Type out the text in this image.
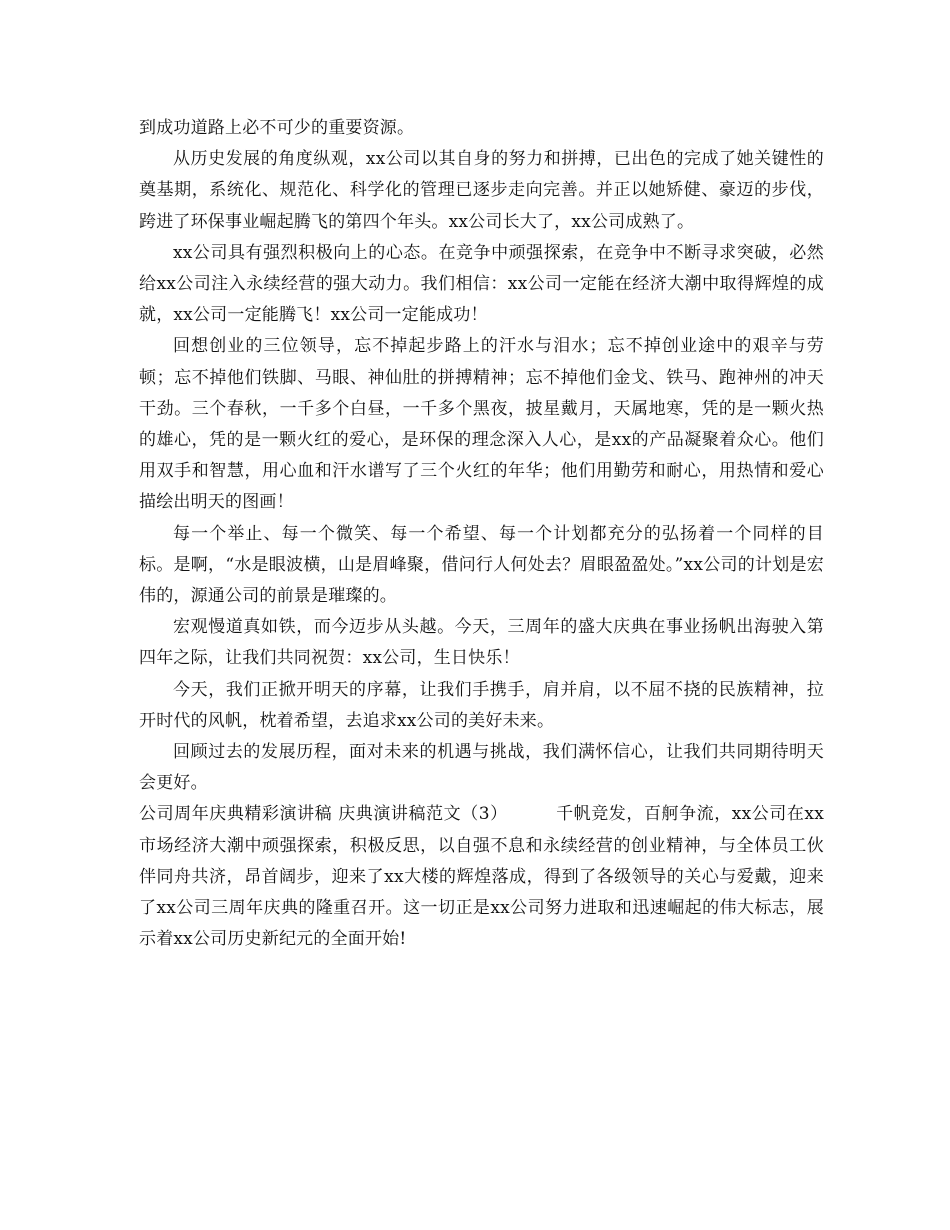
到成功道路上必不可少的重要资源。

从历史发展的角度纵观，xx公司以其自身的努力和拼搏，已出色的完成了她关键性的奠基期，系统化、规范化、科学化的管理已逐步走向完善。并正以她矫健、豪迈的步伐，跨进了环保事业崛起腾飞的第四个年头。xx公司长大了，xx公司成熟了。

xx公司具有强烈积极向上的心态。在竞争中顽强探索，在竞争中不断寻求突破，必然给xx公司注入永续经营的强大动力。我们相信：xx公司一定能在经济大潮中取得辉煌的成就，xx公司一定能腾飞！xx公司一定能成功！

回想创业的三位领导，忘不掉起步路上的汗水与泪水；忘不掉创业途中的艰辛与劳顿；忘不掉他们铁脚、马眼、神仙肚的拼搏精神；忘不掉他们金戈、铁马、跑神州的冲天干劲。三个春秋，一千多个白昼，一千多个黑夜，披星戴月，天属地寒，凭的是一颗火热的雄心，凭的是一颗火红的爱心，是环保的理念深入人心，是xx的产品凝聚着众心。他们用双手和智慧，用心血和汗水谱写了三个火红的年华；他们用勤劳和耐心，用热情和爱心描绘出明天的图画！

每一个举止、每一个微笑、每一个希望、每一个计划都充分的弘扬着一个同样的目标。是啊，“水是眼波横，山是眉峰聚，借问行人何处去？眉眼盈盈处。”xx公司的计划是宏伟的，源通公司的前景是璀璨的。

宏观慢道真如铁，而今迈步从头越。今天，三周年的盛大庆典在事业扬帆出海驶入第四年之际，让我们共同祝贺：xx公司，生日快乐！

今天，我们正掀开明天的序幕，让我们手携手，肩并肩，以不屈不挠的民族精神，拉开时代的风帆，枕着希望，去追求xx公司的美好未来。

回顾过去的发展历程，面对未来的机遇与挑战，我们满怀信心，让我们共同期待明天会更好。

公司周年庆典精彩演讲稿 庆典演讲稿范文（3）	千帆竞发，百舸争流，xx公司在xx市场经济大潮中顽强探索，积极反思，以自强不息和永续经营的创业精神，与全体员工伙伴同舟共济，昂首阔步，迎来了xx大楼的辉煌落成，得到了各级领导的关心与爱戴，迎来了xx公司三周年庆典的隆重召开。这一切正是xx公司努力进取和迅速崛起的伟大标志，展示着xx公司历史新纪元的全面开始!
